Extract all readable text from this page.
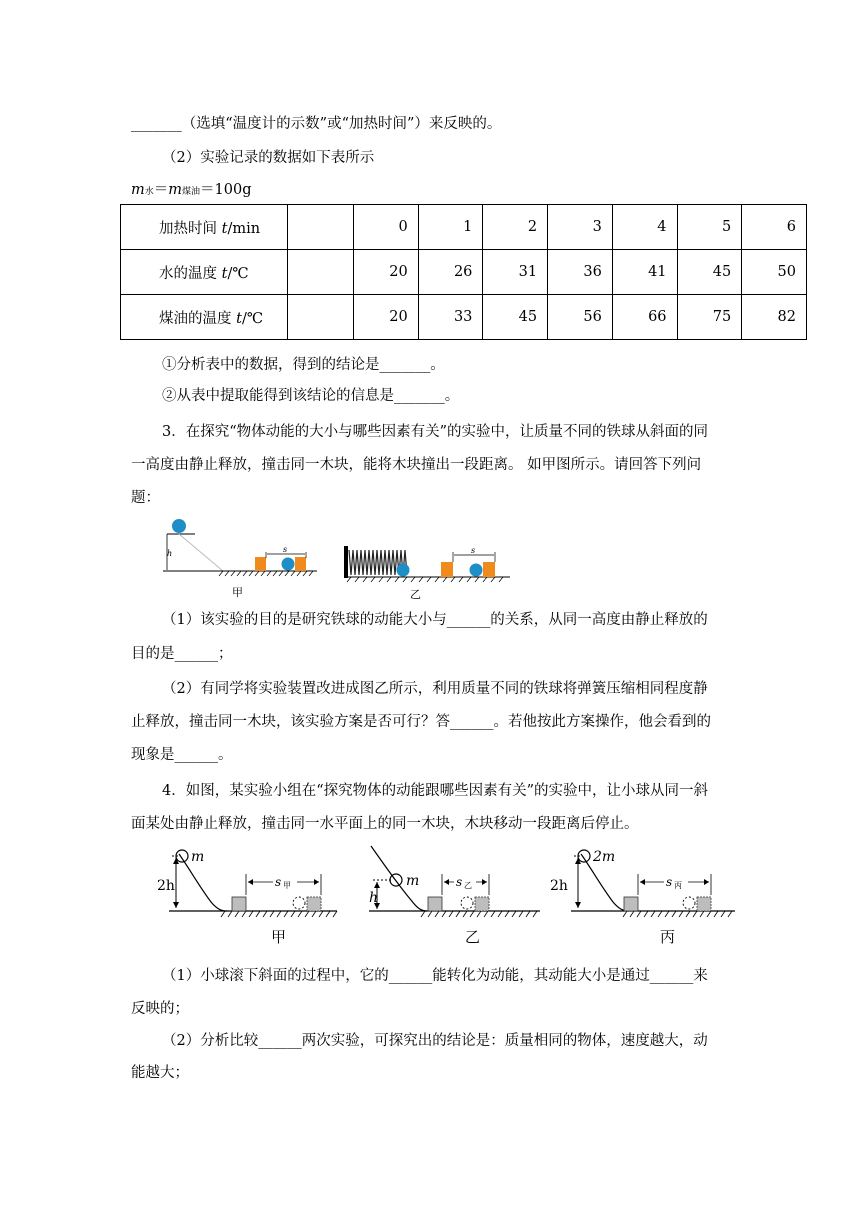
_______（选填“温度计的示数”或“加热时间”）来反映的。
（2）实验记录的数据如下表所示
m水＝m煤油＝100g
加热时间 t/min		0	1	2	3	4	5	6
水的温度 t/℃		20	26	31	36	41	45	50
煤油的温度 t/℃		20	33	45	56	66	75	82
①分析表中的数据，得到的结论是_______。
②从表中提取能得到该结论的信息是_______。
3．在探究“物体动能的大小与哪些因素有关”的实验中，让质量不同的铁球从斜面的同
一高度由静止释放，撞击同一木块，能将木块撞出一段距离。 如甲图所示。请回答下列问
题：
h	s
甲
s
乙
（1）该实验的目的是研究铁球的动能大小与______的关系，从同一高度由静止释放的
目的是______；
（2）有同学将实验装置改进成图乙所示，利用质量不同的铁球将弹簧压缩相同程度静
止释放，撞击同一木块，该实验方案是否可行？答______。若他按此方案操作，他会看到的
现象是______。
4．如图，某实验小组在“探究物体的动能跟哪些因素有关”的实验中，让小球从同一斜
面某处由静止释放，撞击同一水平面上的同一木块，木块移动一段距离后停止。
m
2h	s 甲
甲
m
h
s 乙
乙
2m
2h	s 丙
丙
（1）小球滚下斜面的过程中，它的______能转化为动能，其动能大小是通过______来
反映的；
（2）分析比较______两次实验，可探究出的结论是：质量相同的物体，速度越大，动
能越大；
